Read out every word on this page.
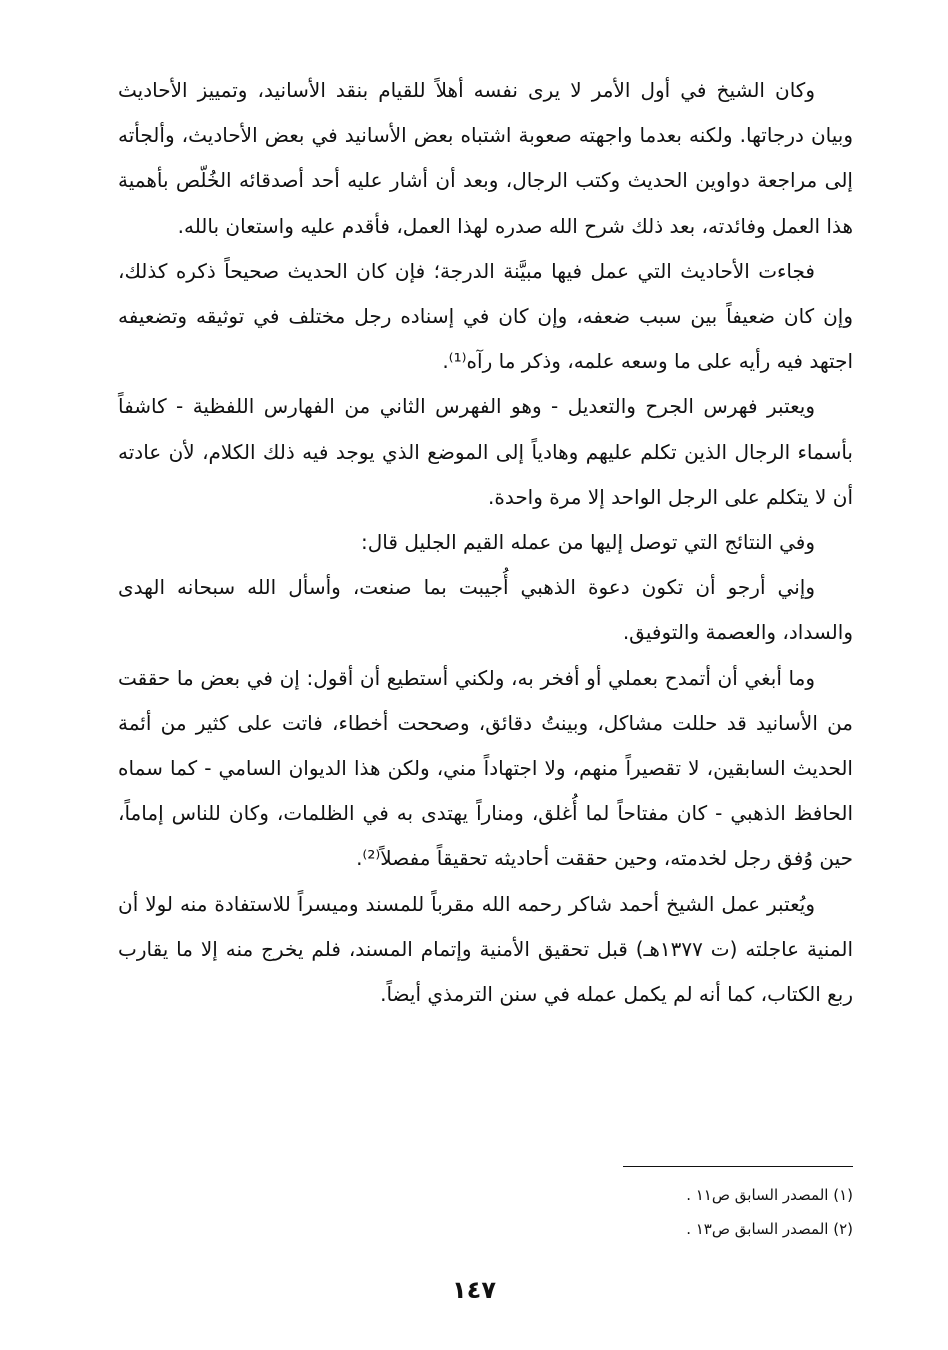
وكان الشيخ في أول الأمر لا يرى نفسه أهلاً للقيام بنقد الأسانيد، وتمييز الأحاديث وبيان درجاتها. ولكنه بعدما واجهته صعوبة اشتباه بعض الأسانيد في بعض الأحاديث، وألجأته إلى مراجعة دواوين الحديث وكتب الرجال، وبعد أن أشار عليه أحد أصدقائه الخُلّص بأهمية هذا العمل وفائدته، بعد ذلك شرح الله صدره لهذا العمل، فأقدم عليه واستعان بالله.

فجاءت الأحاديث التي عمل فيها مبيَّنة الدرجة؛ فإن كان الحديث صحيحاً ذكره كذلك، وإن كان ضعيفاً بين سبب ضعفه، وإن كان في إسناده رجل مختلف في توثيقه وتضعيفه اجتهد فيه رأيه على ما وسعه علمه، وذكر ما رآه⁽¹⁾.

ويعتبر فهرس الجرح والتعديل - وهو الفهرس الثاني من الفهارس اللفظية - كاشفاً بأسماء الرجال الذين تكلم عليهم وهادياً إلى الموضع الذي يوجد فيه ذلك الكلام، لأن عادته أن لا يتكلم على الرجل الواحد إلا مرة واحدة.

وفي النتائج التي توصل إليها من عمله القيم الجليل قال:

وإني أرجو أن تكون دعوة الذهبي أُجيبت بما صنعت، وأسأل الله سبحانه الهدى والسداد، والعصمة والتوفيق.

وما أبغي أن أتمدح بعملي أو أفخر به، ولكني أستطيع أن أقول: إن في بعض ما حققت من الأسانيد قد حللت مشاكل، وبينتُ دقائق، وصححت أخطاء، فاتت على كثير من أئمة الحديث السابقين، لا تقصيراً منهم، ولا اجتهاداً مني، ولكن هذا الديوان السامي - كما سماه الحافظ الذهبي - كان مفتاحاً لما أُغلق، ومناراً يهتدى به في الظلمات، وكان للناس إماماً، حين وُفق رجل لخدمته، وحين حققت أحاديثه تحقيقاً مفصلاً⁽²⁾.

ويُعتبر عمل الشيخ أحمد شاكر رحمه الله مقرباً للمسند وميسراً للاستفادة منه لولا أن المنية عاجلته (ت ١٣٧٧هـ) قبل تحقيق الأمنية وإتمام المسند، فلم يخرج منه إلا ما يقارب ربع الكتاب، كما أنه لم يكمل عمله في سنن الترمذي أيضاً.

(١) المصدر السابق ص١١ .

(٢) المصدر السابق ص١٣ .

١٤٧
